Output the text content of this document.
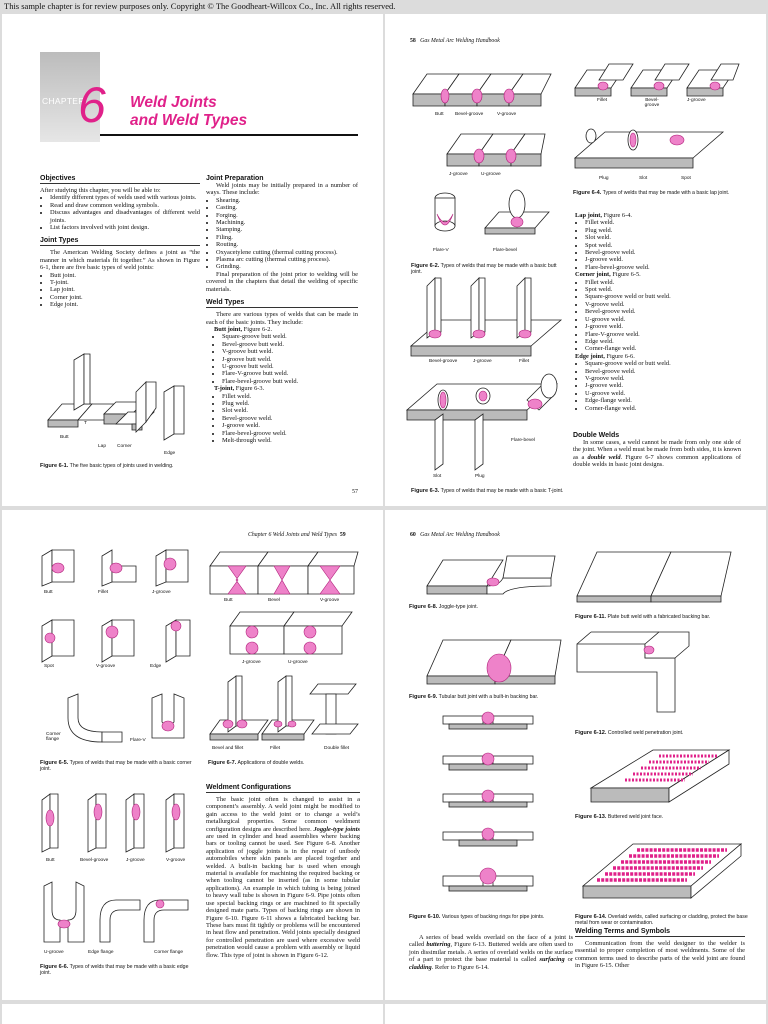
This sample chapter is for review purposes only. Copyright © The Goodheart-Willcox Co., Inc. All rights reserved.
CHAPTER
6 Weld Joints
and Weld Types
Objectives
After studying this chapter, you will be able to:
• Identify different types of welds used with various joints.
• Read and draw common welding symbols.
• Discuss advantages and disadvantages of different weld joints.
• List factors involved with joint design.
Joint Types
The American Welding Society defines a joint as “the manner in which materials fit together.” As shown in Figure 6-1, there are five basic types of weld joints:
• Butt joint.
• T-joint.
• Lap joint.
• Corner joint.
• Edge joint.
Joint Preparation
Weld joints may be initially prepared in a number of ways. These include:
• Shearing.
• Casting.
• Forging.
• Machining.
• Stamping.
• Filing.
• Routing.
• Oxyacetylene cutting (thermal cutting process).
• Plasma arc cutting (thermal cutting process).
• Grinding.
Final preparation of the joint prior to welding will be covered in the chapters that detail the welding of specific materials.
Weld Types
There are various types of welds that can be made in each of the basic joints. They include:
Butt joint, Figure 6-2.
• Square-groove butt weld.
• Bevel-groove butt weld.
• V-groove butt weld.
• J-groove butt weld.
• U-groove butt weld.
• Flare-V-groove butt weld.
• Flare-bevel-groove butt weld.
T-joint, Figure 6-3.
• Fillet weld.
• Plug weld.
• Slot weld.
• Bevel-groove weld.
• J-groove weld.
• Flare-bevel-groove weld.
• Melt-through weld.
Butt
T
Lap Corner
Edge
Figure 6-1. The five basic types of joints used in welding.
57
58 Gas Metal Arc Welding Handbook
Butt Bevel-groove	V-groove
J-groove	U-groove
Flare-V	Flare-bevel
Figure 6-2. Types of welds that may be made with a basic butt joint.
Bevel-groove	J-groove	Fillet
Slot	Plug
Flare-bevel
Figure 6-3. Types of welds that may be made with a basic T-joint.
Fillet	Bevel-groove
J-groove
Plug	Slot	Spot
Figure 6-4. Types of welds that may be made with a basic lap joint.
Lap joint, Figure 6-4.
• Fillet weld.
• Plug weld.
• Slot weld.
• Spot weld.
• Bevel-groove weld.
• J-groove weld.
• Flare-bevel-groove weld.
Corner joint, Figure 6-5.
• Fillet weld.
• Spot weld.
• Square-groove weld or butt weld.
• V-groove weld.
• Bevel-groove weld.
• U-groove weld.
• J-groove weld.
• Flare-V-groove weld.
• Edge weld.
• Corner-flange weld.
Edge joint, Figure 6-6.
• Square-groove weld or butt weld.
• Bevel-groove weld.
• V-groove weld.
• J-groove weld.
• U-groove weld.
• Edge-flange weld.
• Corner-flange weld.
Double Welds
In some cases, a weld cannot be made from only one side of the joint. When a weld must be made from both sides, it is known as a double weld. Figure 6-7 shows common applications of double welds in basic joint designs.
Chapter 6 Weld Joints and Weld Types 59
Butt	Fillet	J-groove
Spot	V-groove	Edge
Corner flange	Flare-V
Figure 6-5. Types of welds that may be made with a basic corner joint.
Butt	Bevel-groove	J-groove	V-groove
U-groove	Edge flange	Corner flange
Figure 6-6. Types of welds that may be made with a basic edge joint.
Butt	Bevel	V-groove
J-groove	U-groove
Bevel and fillet	Fillet	Double fillet
Figure 6-7. Applications of double welds.
Weldment Configurations
The basic joint often is changed to assist in a component’s assembly. A weld joint might be modified to gain access to the weld joint or to change a weld’s metallurgical properties. Some common weldment configuration designs are described here. Joggle-type joints are used in cylinder and head assemblies where backing bars or tooling cannot be used. See Figure 6-8. Another application of joggle joints is in the repair of unibody automobiles where skin panels are placed together and welded. A built-in backing bar is used when enough material is available for machining the required backing or when tooling cannot be inserted (as in some tubular applications). An example in which tubing is being joined to heavy wall tube is shown in Figure 6-9. Pipe joints often use special backing rings or are machined to fit specially designed mate parts. Types of backing rings are shown in Figure 6-10. Figure 6-11 shows a fabricated backing bar. These bars must fit tightly or problems will be encountered in heat flow and penetration. Weld joints specially designed for controlled penetration are used where excessive weld penetration would cause a problem with assembly or liquid flow. This type of joint is shown in Figure 6-12.
60 Gas Metal Arc Welding Handbook
Figure 6-8. Joggle-type joint.
Figure 6-9. Tubular butt joint with a built-in backing bar.
Figure 6-10. Various types of backing rings for pipe joints.
A series of bead welds overlaid on the face of a joint is called buttering, Figure 6-13. Buttered welds are often used to join dissimilar metals. A series of overlaid welds on the surface of a part to protect the base material is called surfacing or cladding. Refer to Figure 6-14.
Figure 6-11. Plate butt weld with a fabricated backing bar.
Figure 6-12. Controlled weld penetration joint.
Figure 6-13. Buttered weld joint face.
Figure 6-14. Overlaid welds, called surfacing or cladding, protect the base metal from wear or contamination.
Welding Terms and Symbols
Communication from the weld designer to the welder is essential to proper completion of most weldments. Some of the common terms used to describe parts of the weld joint are found in Figure 6-15. Other
